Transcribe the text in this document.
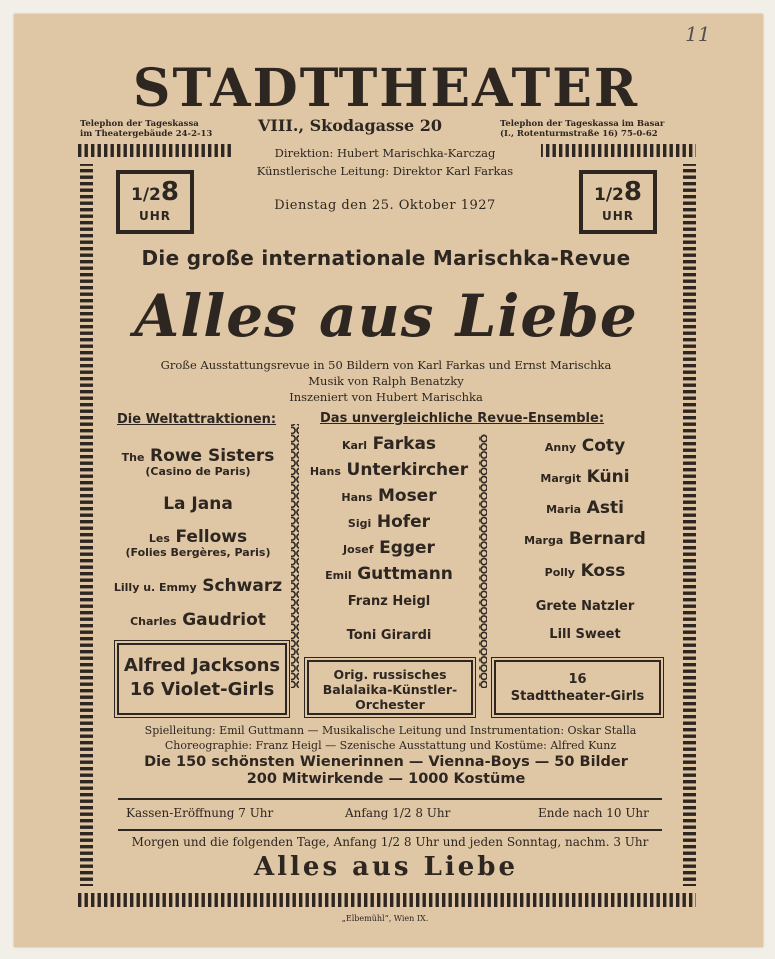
11
STADTTHEATER
Telephon der Tageskassa
im Theatergebäude 24-2-13	VIII., Skodagasse 20	Telephon der Tageskassa im Basar
(I., Rotenturmstraße 16) 75-0-62
Direktion: Hubert Marischka-Karczag
Künstlerische Leitung: Direktor Karl Farkas
Dienstag den 25. Oktober 1927
1/28
UHR
1/28
UHR
Die große internationale Marischka-Revue
Alles aus Liebe
Große Ausstattungsrevue in 50 Bildern von Karl Farkas und Ernst Marischka
Musik von Ralph Benatzky
Inszeniert von Hubert Marischka
Die Weltattraktionen:	Das unvergleichliche Revue-Ensemble:
The Rowe Sisters
(Casino de Paris)
La Jana
Les Fellows
(Folies Bergères, Paris)
Lilly u. Emmy Schwarz
Charles Gaudriot
Karl Farkas
Hans Unterkircher
Hans Moser
Sigi Hofer
Josef Egger
Emil Guttmann
Franz Heigl
Toni Girardi
Anny Coty
Margit Küni
Maria Asti
Marga Bernard
Polly Koss
Grete Natzler
Lill Sweet
Alfred Jacksons
16 Violet-Girls
Orig. russisches
Balalaika-Künstler-
Orchester
16
Stadttheater-Girls
Spielleitung: Emil Guttmann — Musikalische Leitung und Instrumentation: Oskar Stalla
Choreographie: Franz Heigl — Szenische Ausstattung und Kostüme: Alfred Kunz
Die 150 schönsten Wienerinnen — Vienna-Boys — 50 Bilder
200 Mitwirkende — 1000 Kostüme
Kassen-Eröffnung 7 Uhr	Anfang 1/2 8 Uhr	Ende nach 10 Uhr
Morgen und die folgenden Tage, Anfang 1/2 8 Uhr und jeden Sonntag, nachm. 3 Uhr
Alles aus Liebe
„Elbemühl“, Wien IX.
